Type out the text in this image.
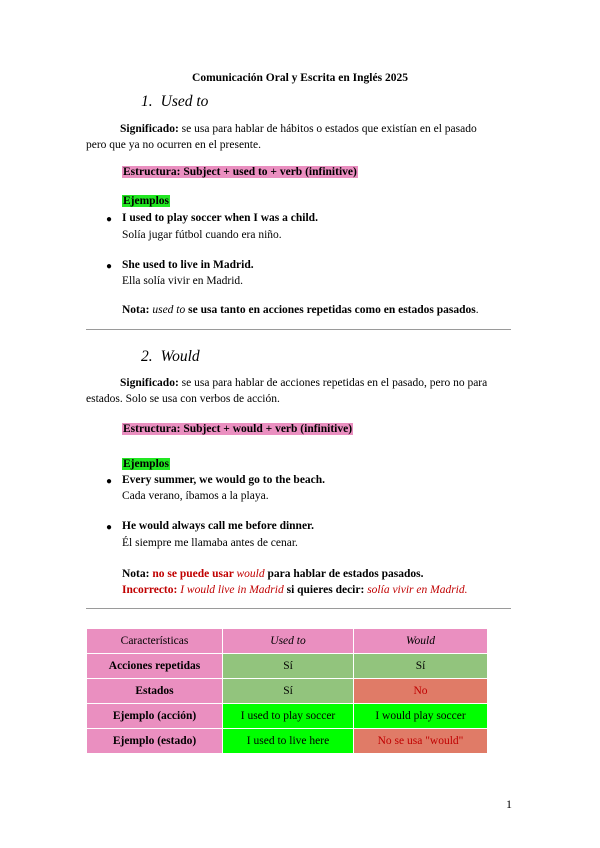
Comunicación Oral y Escrita en Inglés 2025
1. Used to
Significado: se usa para hablar de hábitos o estados que existían en el pasado
pero que ya no ocurren en el presente.
Estructura: Subject + used to + verb (infinitive)
Ejemplos
● I used to play soccer when I was a child.
Solía jugar fútbol cuando era niño.
● She used to live in Madrid.
Ella solía vivir en Madrid.
Nota: used to se usa tanto en acciones repetidas como en estados pasados.
2. Would
Significado: se usa para hablar de acciones repetidas en el pasado, pero no para
estados. Solo se usa con verbos de acción.
Estructura: Subject + would + verb (infinitive)
Ejemplos
● Every summer, we would go to the beach.
Cada verano, íbamos a la playa.
● He would always call me before dinner.
Él siempre me llamaba antes de cenar.
Nota: no se puede usar would para hablar de estados pasados.
Incorrecto: I would live in Madrid si quieres decir: solía vivir en Madrid.
Características	Used to	Would
Acciones repetidas	Sí	Sí
Estados	Sí	No
Ejemplo (acción)	I used to play soccer	I would play soccer
Ejemplo (estado)	I used to live here	No se usa "would"
1
